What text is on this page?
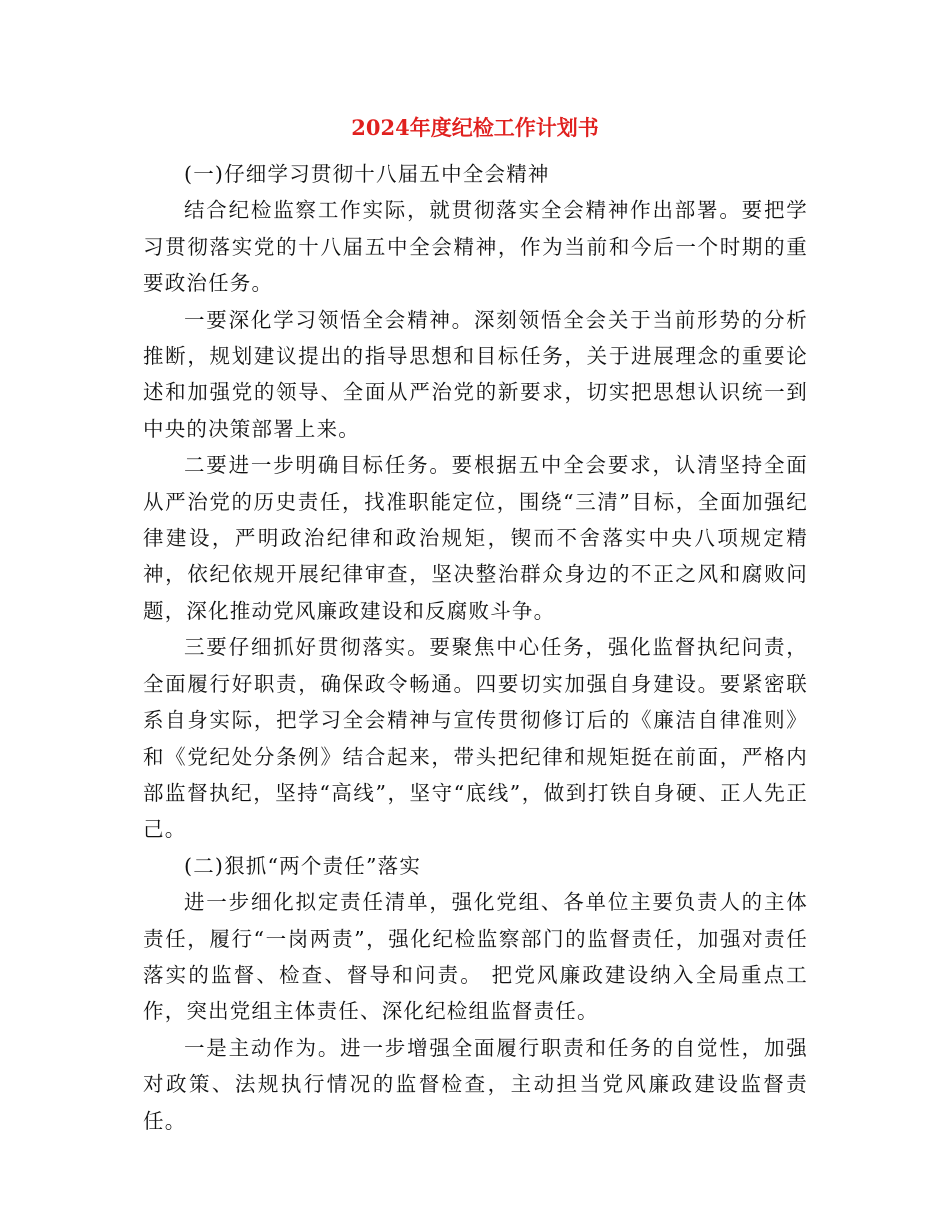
2024年度纪检工作计划书

(一)仔细学习贯彻十八届五中全会精神

结合纪检监察工作实际，就贯彻落实全会精神作出部署。要把学习贯彻落实党的十八届五中全会精神，作为当前和今后一个时期的重要政治任务。

一要深化学习领悟全会精神。深刻领悟全会关于当前形势的分析推断，规划建议提出的指导思想和目标任务，关于进展理念的重要论述和加强党的领导、全面从严治党的新要求，切实把思想认识统一到中央的决策部署上来。

二要进一步明确目标任务。要根据五中全会要求，认清坚持全面从严治党的历史责任，找准职能定位，围绕“三清”目标，全面加强纪律建设，严明政治纪律和政治规矩，锲而不舍落实中央八项规定精神，依纪依规开展纪律审查，坚决整治群众身边的不正之风和腐败问题，深化推动党风廉政建设和反腐败斗争。

三要仔细抓好贯彻落实。要聚焦中心任务，强化监督执纪问责，全面履行好职责，确保政令畅通。四要切实加强自身建设。要紧密联系自身实际，把学习全会精神与宣传贯彻修订后的《廉洁自律准则》和《党纪处分条例》结合起来，带头把纪律和规矩挺在前面，严格内部监督执纪，坚持“高线”，坚守“底线”，做到打铁自身硬、正人先正己。

(二)狠抓“两个责任”落实

进一步细化拟定责任清单，强化党组、各单位主要负责人的主体责任，履行“一岗两责”，强化纪检监察部门的监督责任，加强对责任落实的监督、检查、督导和问责。 把党风廉政建设纳入全局重点工作，突出党组主体责任、深化纪检组监督责任。

一是主动作为。进一步增强全面履行职责和任务的自觉性，加强对政策、法规执行情况的监督检查，主动担当党风廉政建设监督责任。
